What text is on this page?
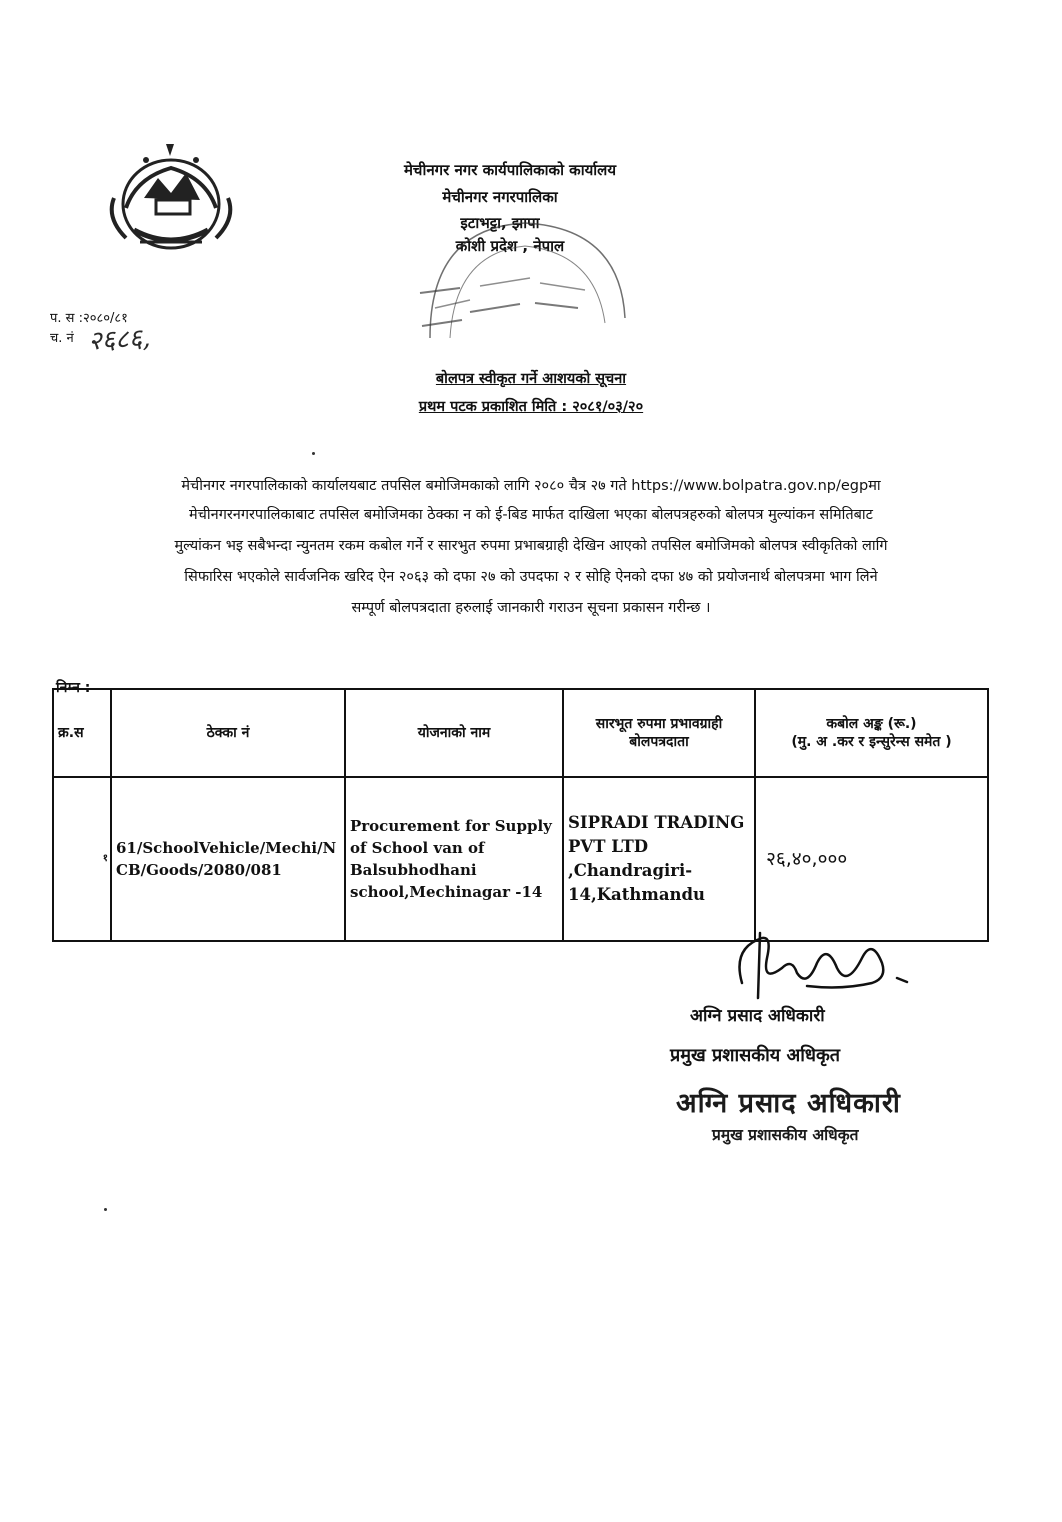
मेचीनगर नगर कार्यपालिकाको कार्यालय
मेचीनगर नगरपालिका
इटाभट्टा, झापा
कोशी प्रदेश , नेपाल
प. स :२०८०/८१
च. नं २६८६,
बोलपत्र स्वीकृत गर्ने आशयको सूचना
प्रथम पटक प्रकाशित मिति : २०८१/०३/२०
मेचीनगर नगरपालिकाको कार्यालयबाट तपसिल बमोजिमकाको लागि २०८० चैत्र २७ गते https://www.bolpatra.gov.np/egpमा
मेचीनगरनगरपालिकाबाट तपसिल बमोजिमका ठेक्का न को ई-बिड मार्फत दाखिला भएका बोलपत्रहरुको बोलपत्र मुल्यांकन समितिबाट
मुल्यांकन भइ सबैभन्दा न्युनतम रकम कबोल गर्ने र सारभुत रुपमा प्रभाबग्राही देखिन आएको तपसिल बमोजिमको बोलपत्र स्वीकृतिको लागि
सिफारिस भएकोले सार्वजनिक खरिद ऐन २०६३ को दफा २७ को उपदफा २ र सोहि ऐनको दफा ४७ को प्रयोजनार्थ बोलपत्रमा भाग लिने
सम्पूर्ण बोलपत्रदाता हरुलाई जानकारी गराउन सूचना प्रकासन गरीन्छ ।
निम्न :
क्र.स	ठेक्का नं	योजनाको नाम	सारभूत रुपमा प्रभावग्राही बोलपत्रदाता	कबोल अङ्क (रू.)
(मु. अ .कर र इन्सुरेन्स समेत )

१	61/SchoolVehicle/Mechi/NCB/Goods/2080/081	Procurement for Supply of School van of Balsubhodhani school,Mechinagar -14	SIPRADI TRADING PVT LTD ,Chandragiri-14,Kathmandu	२६,४०,०००
अग्नि प्रसाद अधिकारी
प्रमुख प्रशासकीय अधिकृत
अग्नि प्रसाद अधिकारी
प्रमुख प्रशासकीय अधिकृत
